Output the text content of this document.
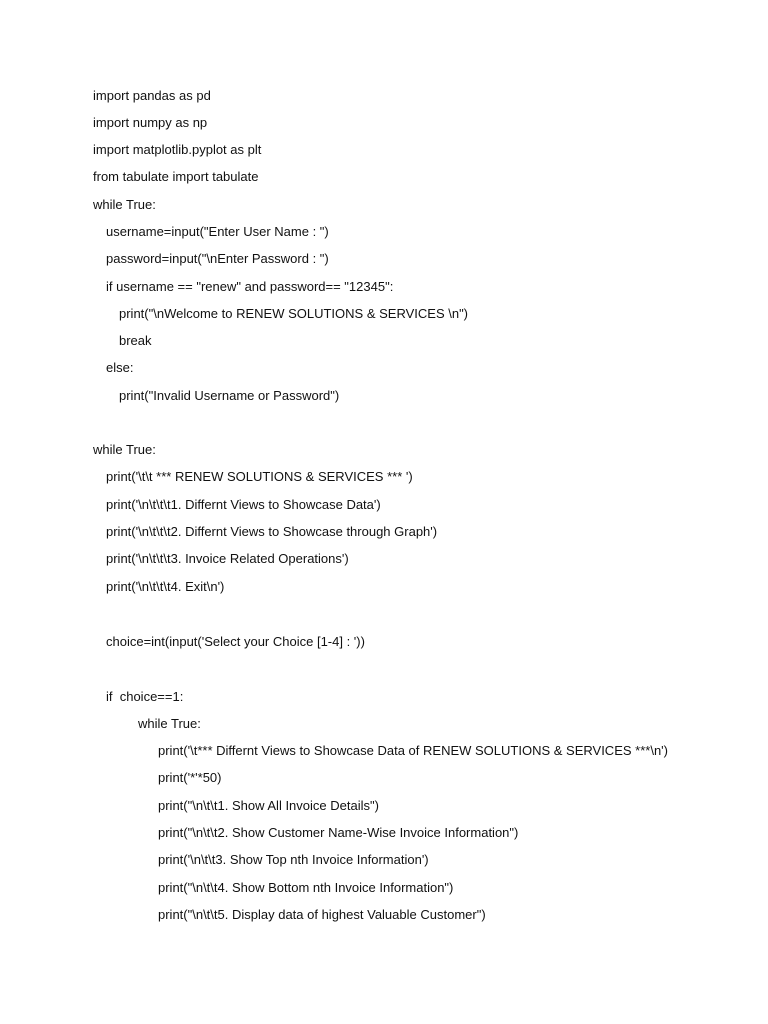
import pandas as pd
import numpy as np
import matplotlib.pyplot as plt
from tabulate import tabulate
while True:
username=input("Enter User Name : ")
password=input("\nEnter Password : ")
if username == "renew" and password== "12345":
print("\nWelcome to RENEW SOLUTIONS & SERVICES \n")
break
else:
print("Invalid Username or Password")
while True:
print('\t\t *** RENEW SOLUTIONS & SERVICES *** ')
print('\n\t\t\t1. Differnt Views to Showcase Data')
print('\n\t\t\t2. Differnt Views to Showcase through Graph')
print('\n\t\t\t3. Invoice Related Operations')
print('\n\t\t\t4. Exit\n')
choice=int(input('Select your Choice [1-4] : '))
if  choice==1:
while True:
print('\t*** Differnt Views to Showcase Data of RENEW SOLUTIONS & SERVICES ***\n')
print('*'*50)
print("\n\t\t1. Show All Invoice Details")
print("\n\t\t2. Show Customer Name-Wise Invoice Information")
print('\n\t\t3. Show Top nth Invoice Information')
print("\n\t\t4. Show Bottom nth Invoice Information")
print("\n\t\t5. Display data of highest Valuable Customer")
